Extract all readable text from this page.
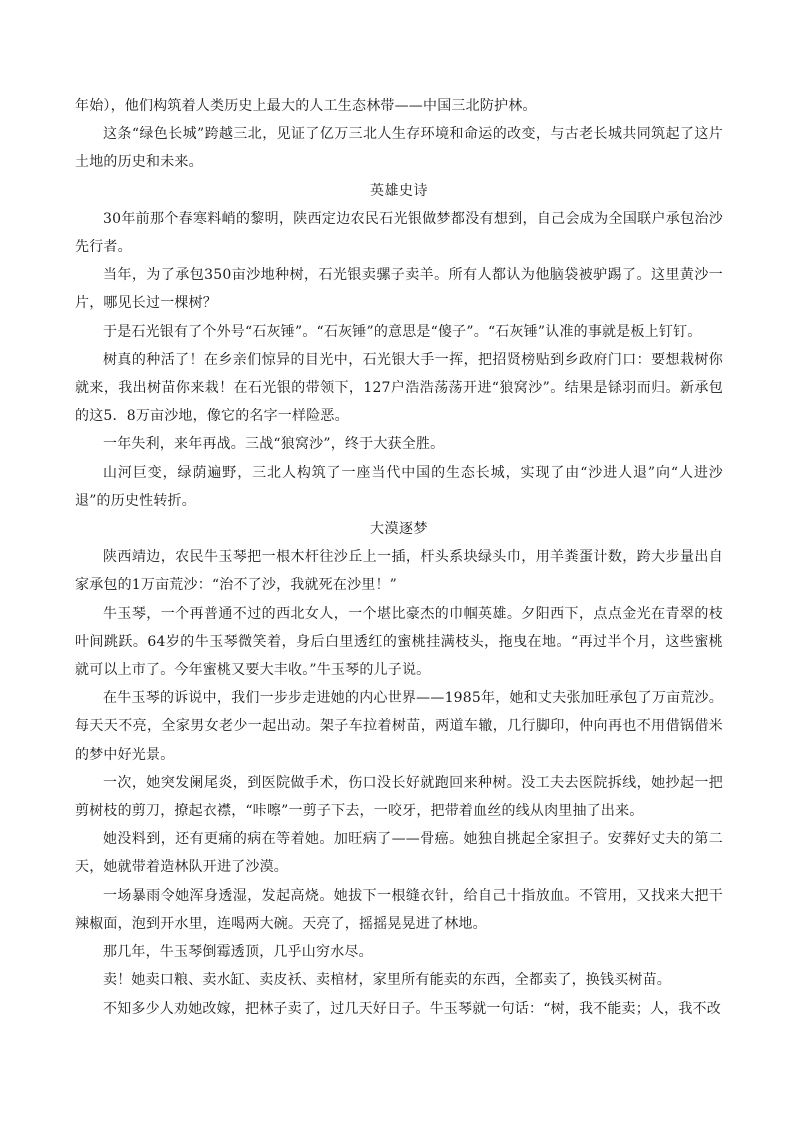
年始），他们构筑着人类历史上最大的人工生态林带——中国三北防护林。

这条“绿色长城”跨越三北，见证了亿万三北人生存环境和命运的改变，与古老长城共同筑起了这片土地的历史和未来。

英雄史诗

30年前那个春寒料峭的黎明，陕西定边农民石光银做梦都没有想到，自己会成为全国联户承包治沙先行者。

当年，为了承包350亩沙地种树，石光银卖骡子卖羊。所有人都认为他脑袋被驴踢了。这里黄沙一片，哪见长过一棵树？

于是石光银有了个外号“石灰锤”。“石灰锤”的意思是“傻子”。“石灰锤”认准的事就是板上钉钉。

树真的种活了！在乡亲们惊异的目光中，石光银大手一挥，把招贤榜贴到乡政府门口：要想栽树你就来，我出树苗你来栽！在石光银的带领下，127户浩浩荡荡开进“狼窝沙”。结果是铩羽而归。新承包的这5．8万亩沙地，像它的名字一样险恶。

一年失利，来年再战。三战“狼窝沙”，终于大获全胜。

山河巨变，绿荫遍野，三北人构筑了一座当代中国的生态长城，实现了由“沙进人退”向“人进沙退”的历史性转折。

大漠逐梦

陕西靖边，农民牛玉琴把一根木杆往沙丘上一插，杆头系块绿头巾，用羊粪蛋计数，跨大步量出自家承包的1万亩荒沙：“治不了沙，我就死在沙里！”

牛玉琴，一个再普通不过的西北女人，一个堪比豪杰的巾帼英雄。夕阳西下，点点金光在青翠的枝叶间跳跃。64岁的牛玉琴微笑着，身后白里透红的蜜桃挂满枝头，拖曳在地。“再过半个月，这些蜜桃就可以上市了。今年蜜桃又要大丰收。”牛玉琴的儿子说。

在牛玉琴的诉说中，我们一步步走进她的内心世界——1985年，她和丈夫张加旺承包了万亩荒沙。每天天不亮，全家男女老少一起出动。架子车拉着树苗，两道车辙，几行脚印，仲向再也不用借锅借米的梦中好光景。

一次，她突发阑尾炎，到医院做手术，伤口没长好就跑回来种树。没工夫去医院拆线，她抄起一把剪树枝的剪刀，撩起衣襟，“咔嚓”一剪子下去，一咬牙，把带着血丝的线从肉里抽了出来。

她没料到，还有更痛的病在等着她。加旺病了——骨癌。她独自挑起全家担子。安葬好丈夫的第二天，她就带着造林队开进了沙漠。

一场暴雨令她浑身透湿，发起高烧。她拔下一根缝衣针，给自己十指放血。不管用，又找来大把干辣椒面，泡到开水里，连喝两大碗。天亮了，摇摇晃晃进了林地。

那几年，牛玉琴倒霉透顶，几乎山穷水尽。

卖！她卖口粮、卖水缸、卖皮袄、卖棺材，家里所有能卖的东西，全都卖了，换钱买树苗。

不知多少人劝她改嫁，把林子卖了，过几天好日子。牛玉琴就一句话：“树，我不能卖；人，我不改
